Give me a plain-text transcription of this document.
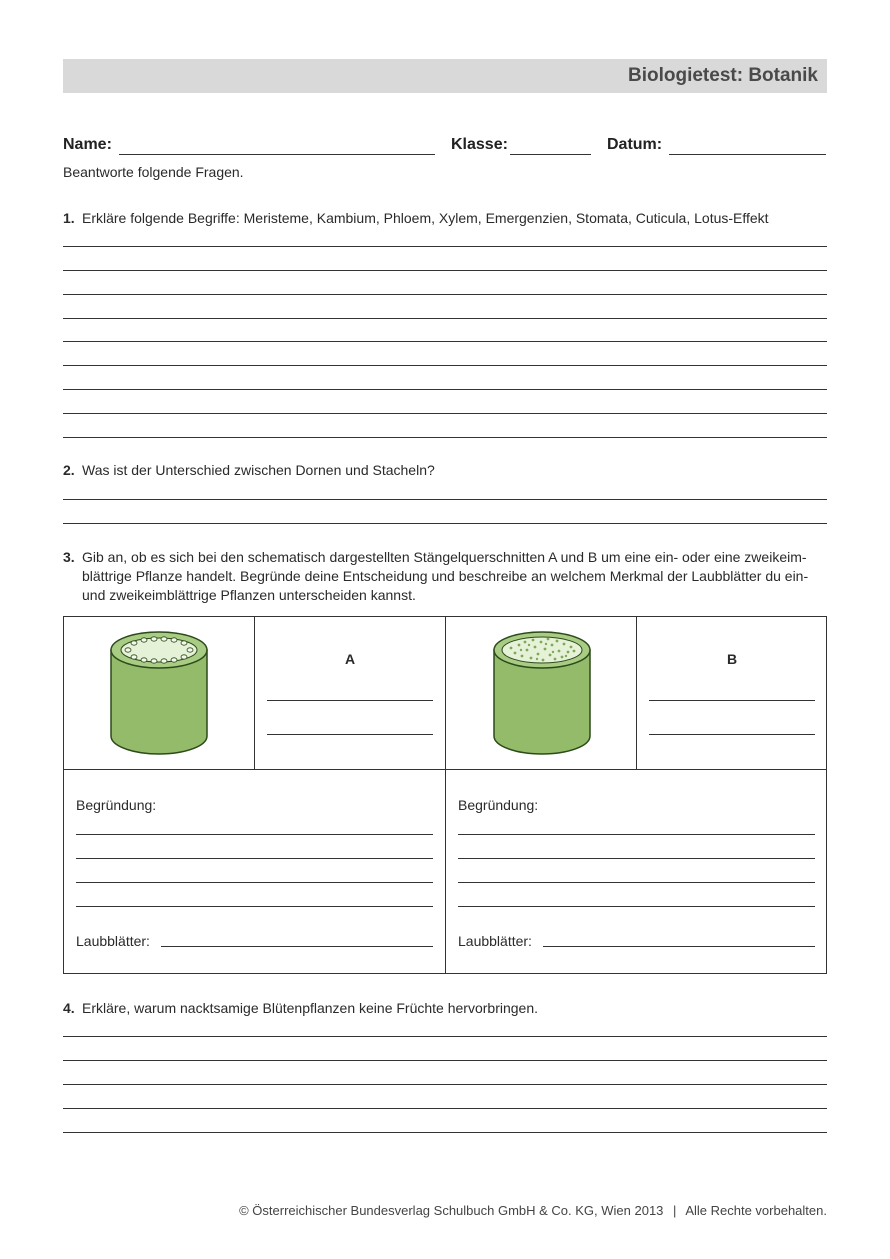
Biologietest: Botanik
Name:	Klasse:	Datum:
Beantworte folgende Fragen.
1. Erkläre folgende Begriffe: Meristeme, Kambium, Phloem, Xylem, Emergenzien, Stomata, Cuticula, Lotus-Effekt
2. Was ist der Unterschied zwischen Dornen und Stacheln?
3. Gib an, ob es sich bei den schematisch dargestellten Stängelquerschnitten A und B um eine ein- oder eine zweikeim-
blättrige Pflanze handelt. Begründe deine Entscheidung und beschreibe an welchem Merkmal der Laubblätter du ein-
und zweikeimblättrige Pflanzen unterscheiden kannst.
A	B
Begründung:
Laubblätter:
Begründung:
Laubblätter:
4. Erkläre, warum nacktsamige Blütenpflanzen keine Früchte hervorbringen.
© Österreichischer Bundesverlag Schulbuch GmbH & Co. KG, Wien 2013 | Alle Rechte vorbehalten.
